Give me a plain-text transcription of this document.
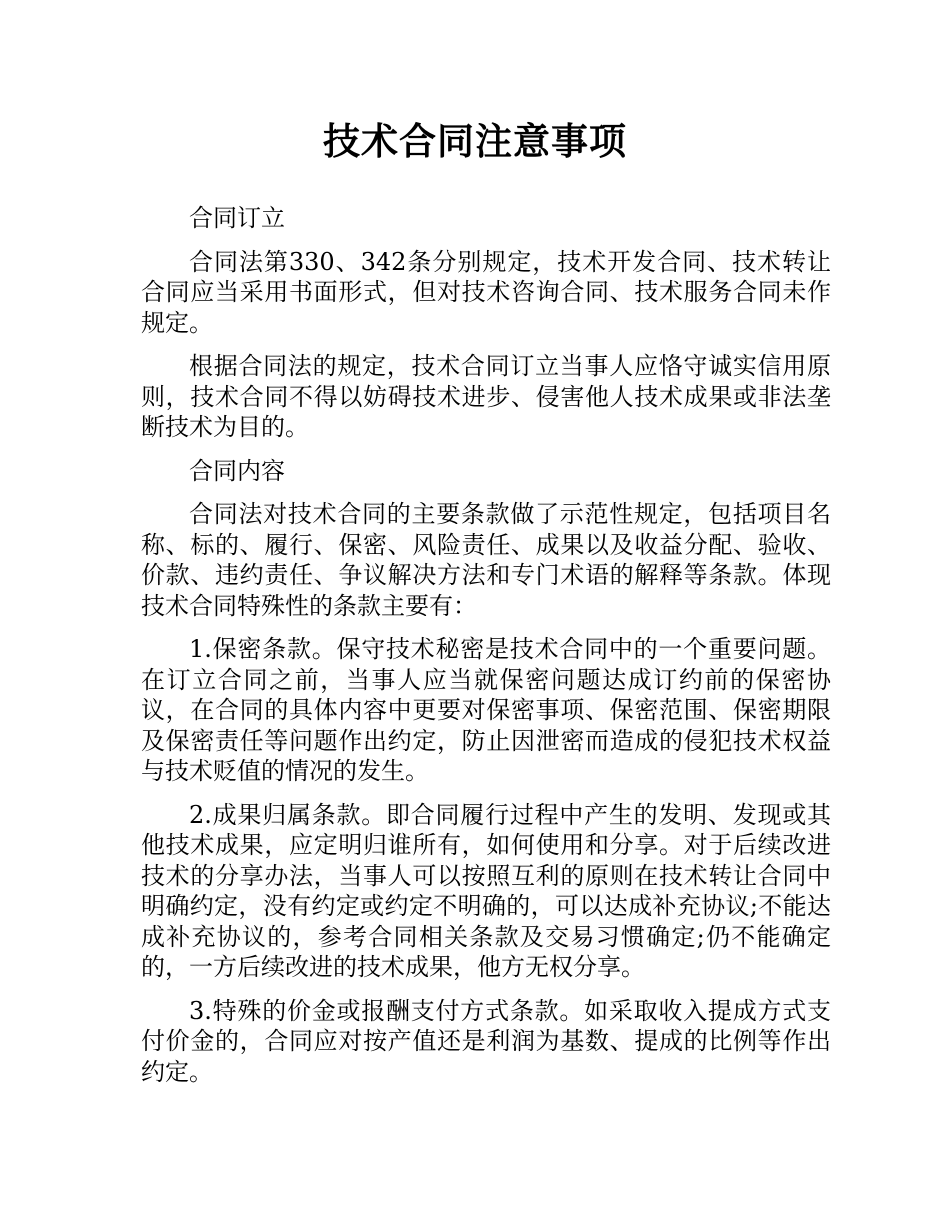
技术合同注意事项

合同订立

合同法第330、342条分别规定，技术开发合同、技术转让合同应当采用书面形式，但对技术咨询合同、技术服务合同未作规定。

根据合同法的规定，技术合同订立当事人应恪守诚实信用原则，技术合同不得以妨碍技术进步、侵害他人技术成果或非法垄断技术为目的。

合同内容

合同法对技术合同的主要条款做了示范性规定，包括项目名称、标的、履行、保密、风险责任、成果以及收益分配、验收、价款、违约责任、争议解决方法和专门术语的解释等条款。体现技术合同特殊性的条款主要有：

1.保密条款。保守技术秘密是技术合同中的一个重要问题。在订立合同之前，当事人应当就保密问题达成订约前的保密协议，在合同的具体内容中更要对保密事项、保密范围、保密期限及保密责任等问题作出约定，防止因泄密而造成的侵犯技术权益与技术贬值的情况的发生。

2.成果归属条款。即合同履行过程中产生的发明、发现或其他技术成果，应定明归谁所有，如何使用和分享。对于后续改进技术的分享办法，当事人可以按照互利的原则在技术转让合同中明确约定，没有约定或约定不明确的，可以达成补充协议;不能达成补充协议的，参考合同相关条款及交易习惯确定;仍不能确定的，一方后续改进的技术成果，他方无权分享。

3.特殊的价金或报酬支付方式条款。如采取收入提成方式支付价金的，合同应对按产值还是利润为基数、提成的比例等作出约定。
